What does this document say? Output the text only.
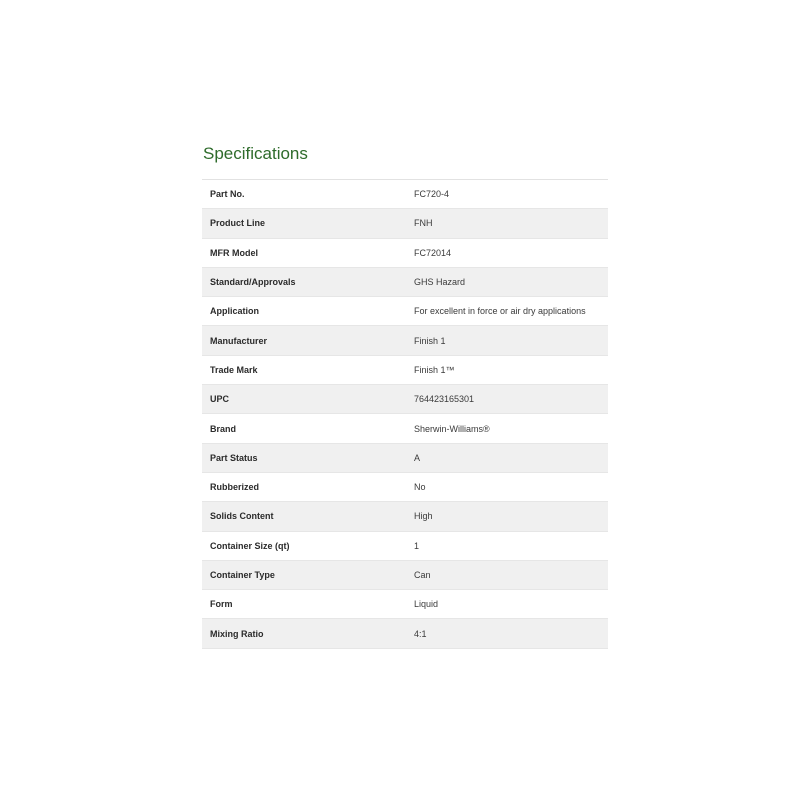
Specifications
Part No.	FC720-4
Product Line	FNH
MFR Model	FC72014
Standard/Approvals	GHS Hazard
Application	For excellent in force or air dry applications
Manufacturer	Finish 1
Trade Mark	Finish 1™
UPC	764423165301
Brand	Sherwin-Williams®
Part Status	A
Rubberized	No
Solids Content	High
Container Size (qt)	1
Container Type	Can
Form	Liquid
Mixing Ratio	4:1
